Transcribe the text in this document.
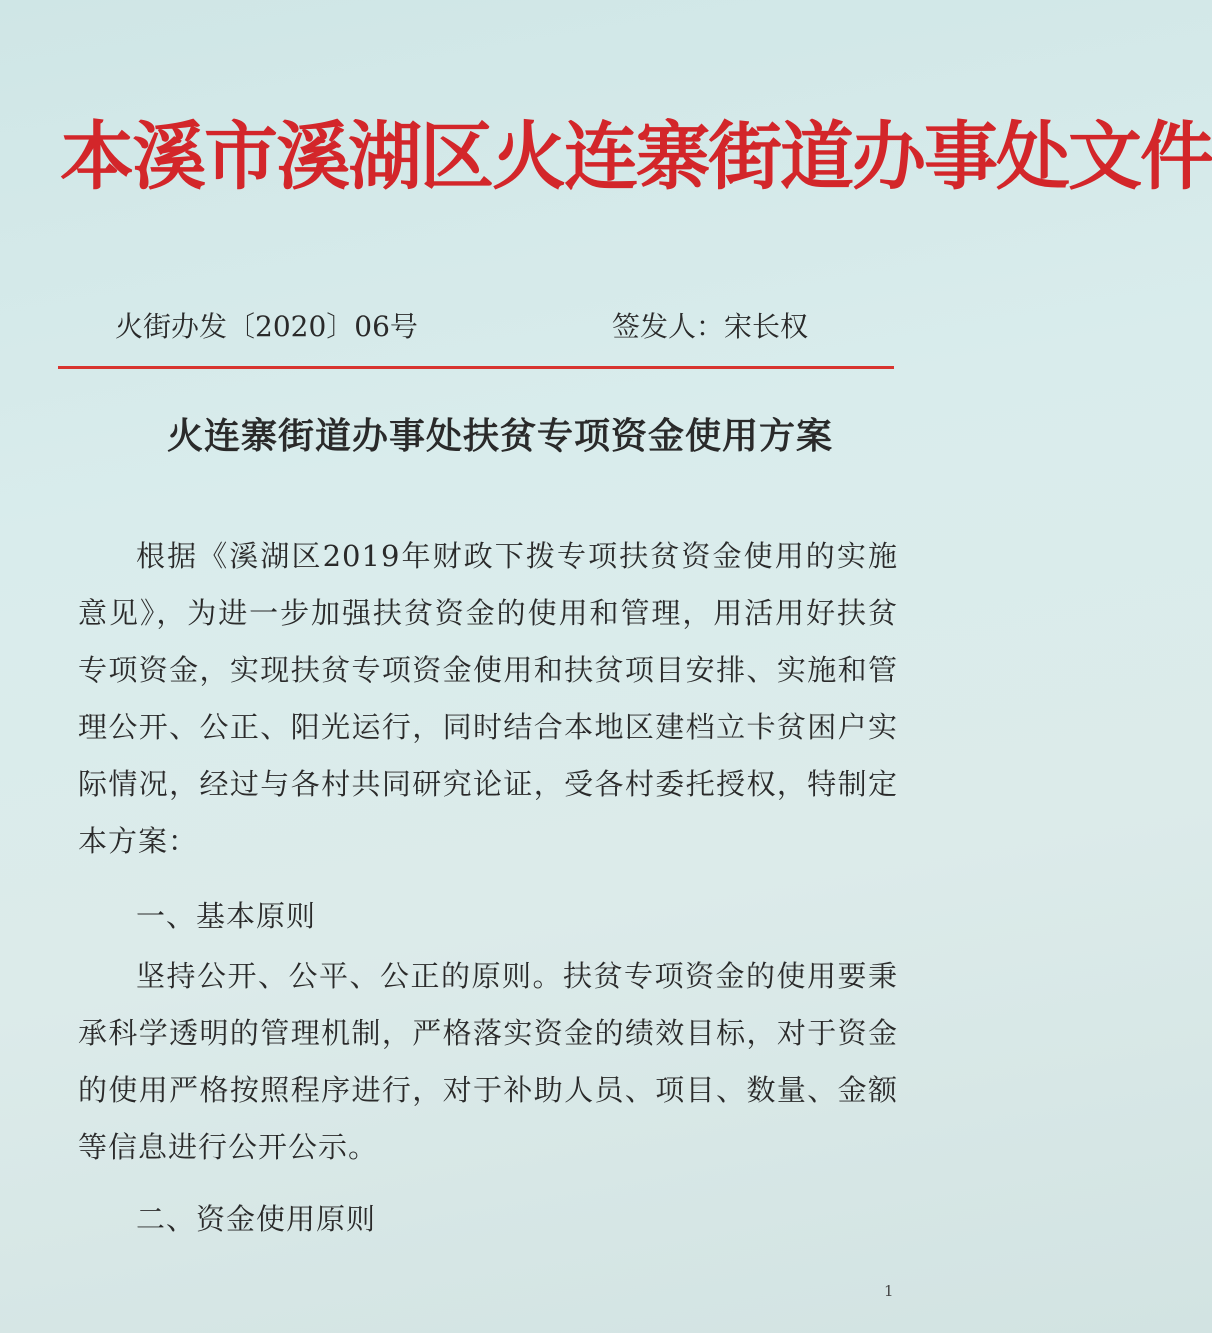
本溪市溪湖区火连寨街道办事处文件
火街办发〔2020〕06号	签发人：宋长权
火连寨街道办事处扶贫专项资金使用方案

根据《溪湖区2019年财政下拨专项扶贫资金使用的实施意见》，为进一步加强扶贫资金的使用和管理，用活用好扶贫专项资金，实现扶贫专项资金使用和扶贫项目安排、实施和管理公开、公正、阳光运行，同时结合本地区建档立卡贫困户实际情况，经过与各村共同研究论证，受各村委托授权，特制定本方案：

一、基本原则

坚持公开、公平、公正的原则。扶贫专项资金的使用要秉承科学透明的管理机制，严格落实资金的绩效目标，对于资金的使用严格按照程序进行，对于补助人员、项目、数量、金额等信息进行公开公示。

二、资金使用原则

1
